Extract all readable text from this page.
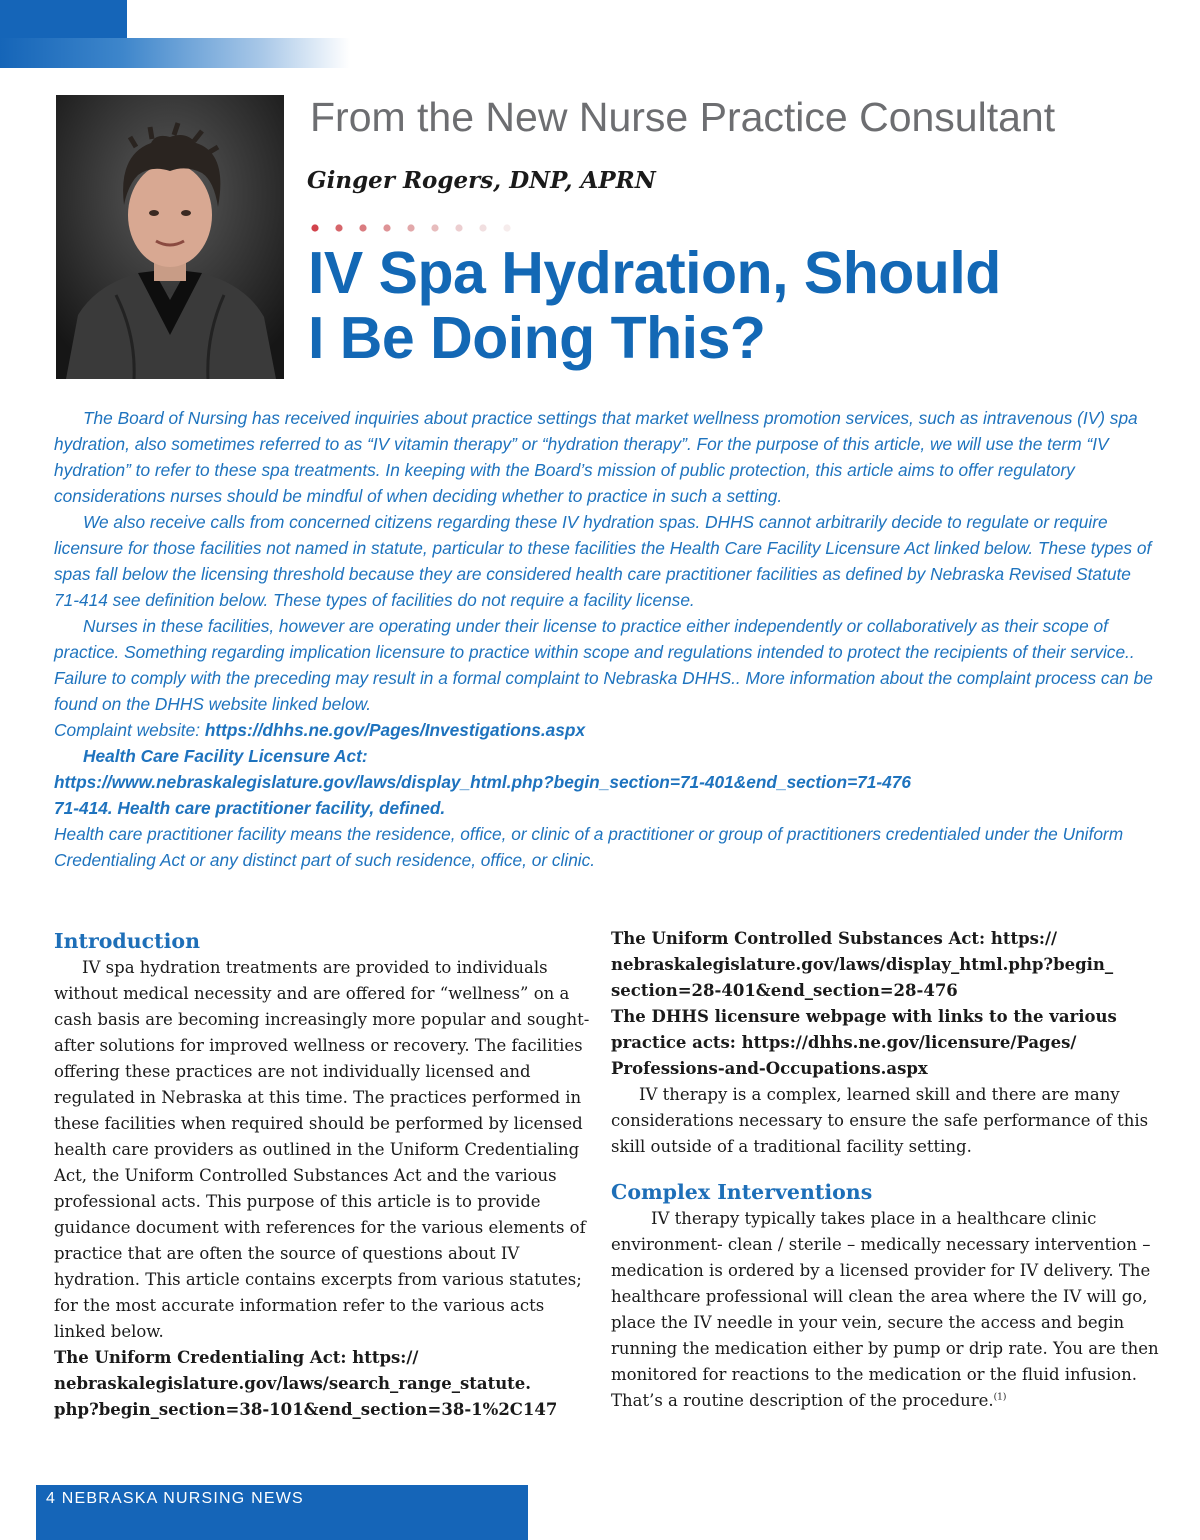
From the New Nurse Practice Consultant
Ginger Rogers, DNP, APRN
IV Spa Hydration, Should
I Be Doing This?

The Board of Nursing has received inquiries about practice settings that market wellness promotion services, such as intravenous (IV) spa hydration, also sometimes referred to as “IV vitamin therapy” or “hydration therapy”. For the purpose of this article, we will use the term “IV hydration” to refer to these spa treatments. In keeping with the Board’s mission of public protection, this article aims to offer regulatory considerations nurses should be mindful of when deciding whether to practice in such a setting.

We also receive calls from concerned citizens regarding these IV hydration spas. DHHS cannot arbitrarily decide to regulate or require licensure for those facilities not named in statute, particular to these facilities the Health Care Facility Licensure Act linked below. These types of spas fall below the licensing threshold because they are considered health care practitioner facilities as defined by Nebraska Revised Statute 71-414 see definition below. These types of facilities do not require a facility license.

Nurses in these facilities, however are operating under their license to practice either independently or collaboratively as their scope of practice. Something regarding implication licensure to practice within scope and regulations intended to protect the recipients of their service.. Failure to comply with the preceding may result in a formal complaint to Nebraska DHHS.. More information about the complaint process can be found on the DHHS website linked below.

Complaint website: https://dhhs.ne.gov/Pages/Investigations.aspx

Health Care Facility Licensure Act:

https://www.nebraskalegislature.gov/laws/display_html.php?begin_section=71-401&end_section=71-476

71-414. Health care practitioner facility, defined.

Health care practitioner facility means the residence, office, or clinic of a practitioner or group of practitioners credentialed under the Uniform Credentialing Act or any distinct part of such residence, office, or clinic.

Introduction

IV spa hydration treatments are provided to individuals without medical necessity and are offered for “wellness” on a cash basis are becoming increasingly more popular and sought-after solutions for improved wellness or recovery. The facilities offering these practices are not individually licensed and regulated in Nebraska at this time. The practices performed in these facilities when required should be performed by licensed health care providers as outlined in the Uniform Credentialing Act, the Uniform Controlled Substances Act and the various professional acts. This purpose of this article is to provide guidance document with references for the various elements of practice that are often the source of questions about IV hydration. This article contains excerpts from various statutes; for the most accurate information refer to the various acts linked below.

The Uniform Credentialing Act: https://
nebraskalegislature.gov/laws/search_range_statute.
php?begin_section=38-101&end_section=38-1%2C147

The Uniform Controlled Substances Act: https://
nebraskalegislature.gov/laws/display_html.php?begin_
section=28-401&end_section=28-476
The DHHS licensure webpage with links to the various
practice acts: https://dhhs.ne.gov/licensure/Pages/
Professions-and-Occupations.aspx

IV therapy is a complex, learned skill and there are many considerations necessary to ensure the safe performance of this skill outside of a traditional facility setting.

Complex Interventions

IV therapy typically takes place in a healthcare clinic environment- clean / sterile – medically necessary intervention – medication is ordered by a licensed provider for IV delivery. The healthcare professional will clean the area where the IV will go, place the IV needle in your vein, secure the access and begin running the medication either by pump or drip rate. You are then monitored for reactions to the medication or the fluid infusion. That’s a routine description of the procedure.$^{(1)}$

4 NEBRASKA NURSING NEWS
